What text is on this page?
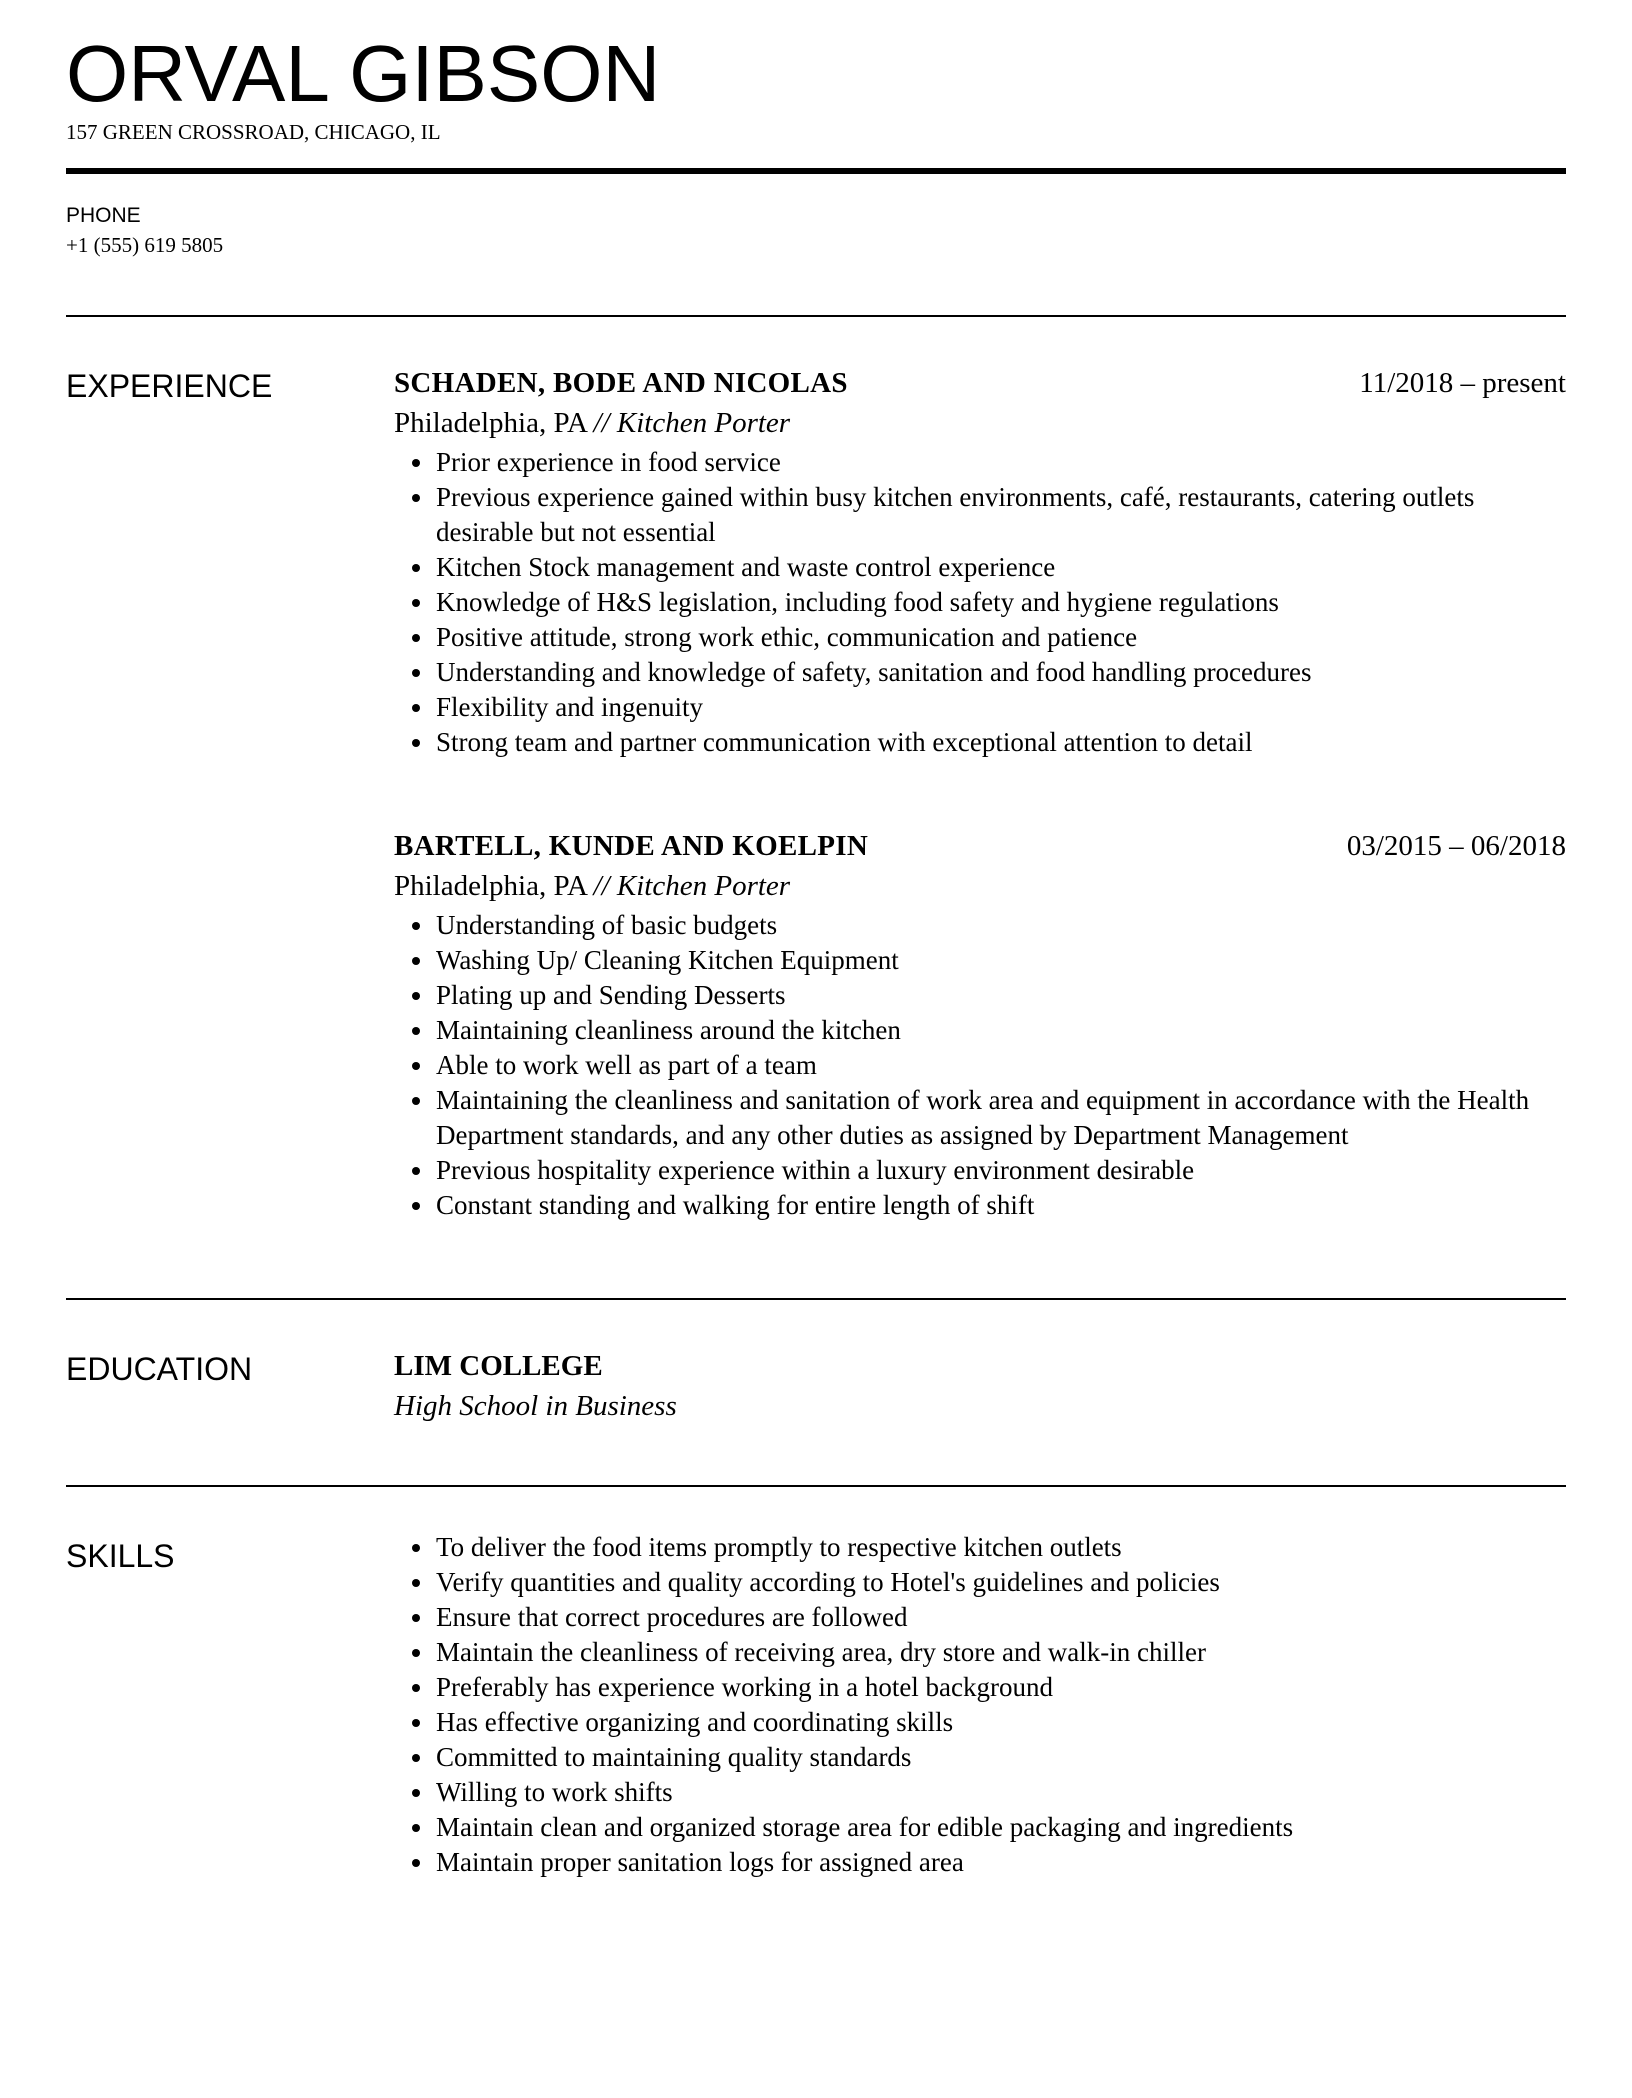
ORVAL GIBSON
157 GREEN CROSSROAD, CHICAGO, IL
PHONE
+1 (555) 619 5805
EXPERIENCE	SCHADEN, BODE AND NICOLAS	11/2018 – present
Philadelphia, PA // Kitchen Porter
Prior experience in food service
Previous experience gained within busy kitchen environments, café, restaurants, catering outlets desirable but not essential
Kitchen Stock management and waste control experience
Knowledge of H&S legislation, including food safety and hygiene regulations
Positive attitude, strong work ethic, communication and patience
Understanding and knowledge of safety, sanitation and food handling procedures
Flexibility and ingenuity
Strong team and partner communication with exceptional attention to detail
BARTELL, KUNDE AND KOELPIN	03/2015 – 06/2018
Philadelphia, PA // Kitchen Porter
Understanding of basic budgets
Washing Up/ Cleaning Kitchen Equipment
Plating up and Sending Desserts
Maintaining cleanliness around the kitchen
Able to work well as part of a team
Maintaining the cleanliness and sanitation of work area and equipment in accordance with the Health Department standards, and any other duties as assigned by Department Management
Previous hospitality experience within a luxury environment desirable
Constant standing and walking for entire length of shift
EDUCATION	LIM COLLEGE
High School in Business
SKILLS	To deliver the food items promptly to respective kitchen outlets
Verify quantities and quality according to Hotel's guidelines and policies
Ensure that correct procedures are followed
Maintain the cleanliness of receiving area, dry store and walk-in chiller
Preferably has experience working in a hotel background
Has effective organizing and coordinating skills
Committed to maintaining quality standards
Willing to work shifts
Maintain clean and organized storage area for edible packaging and ingredients
Maintain proper sanitation logs for assigned area
